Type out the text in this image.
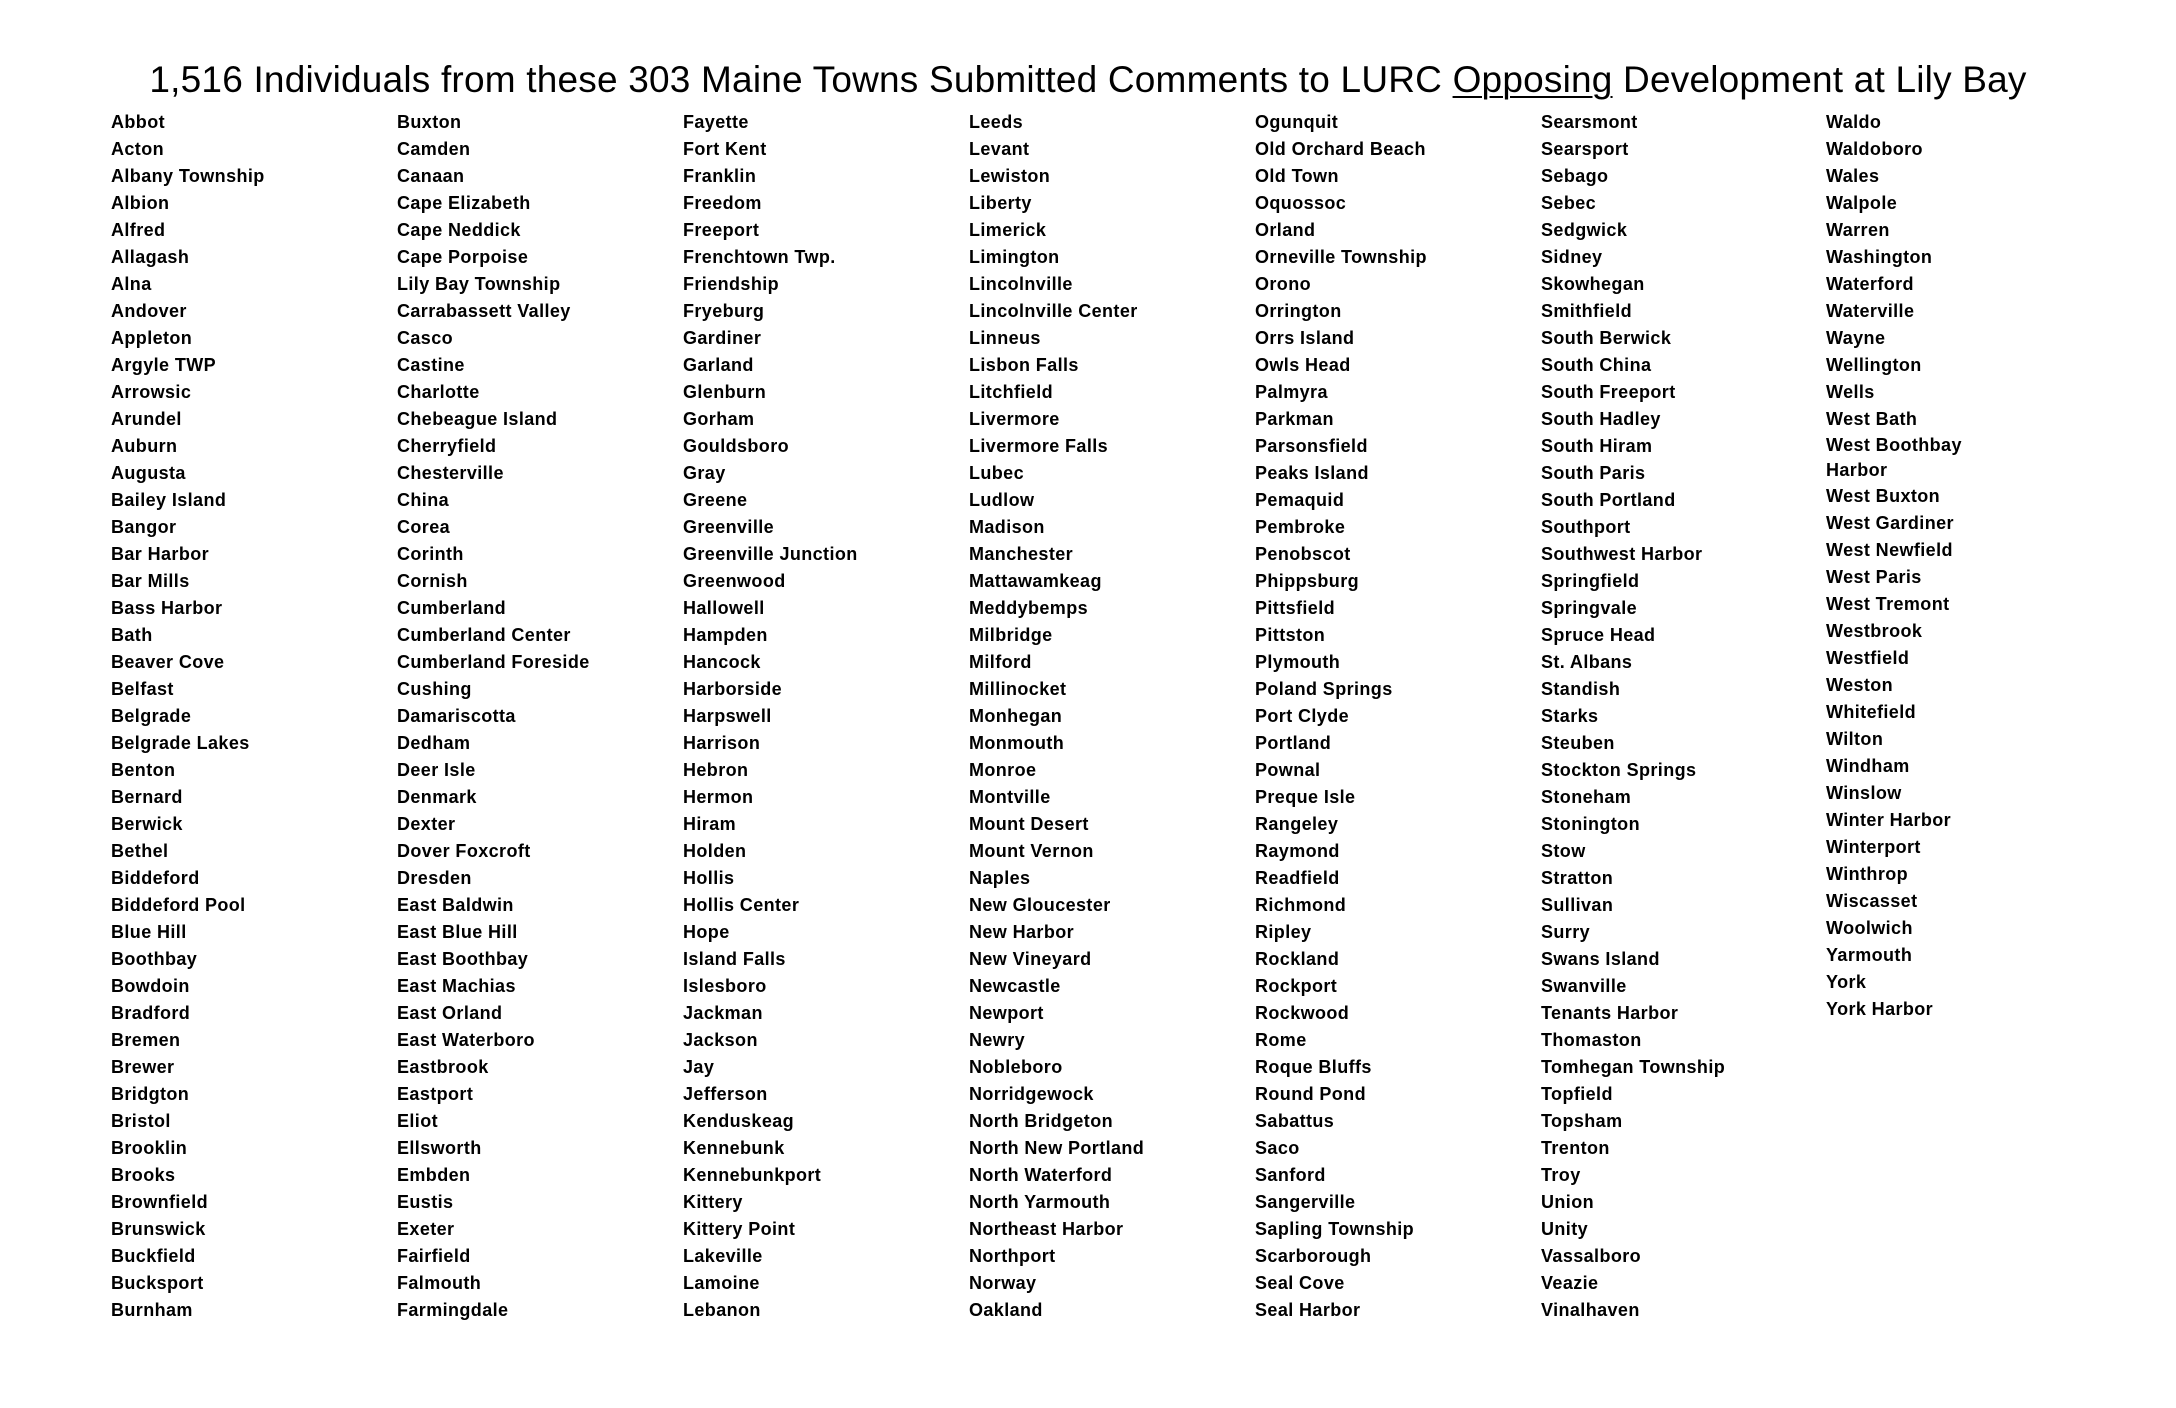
1,516 Individuals from these 303 Maine Towns Submitted Comments to LURC Opposing Development at Lily Bay
Abbot
Acton
Albany Township
Albion
Alfred
Allagash
Alna
Andover
Appleton
Argyle TWP
Arrowsic
Arundel
Auburn
Augusta
Bailey Island
Bangor
Bar Harbor
Bar Mills
Bass Harbor
Bath
Beaver Cove
Belfast
Belgrade
Belgrade Lakes
Benton
Bernard
Berwick
Bethel
Biddeford
Biddeford Pool
Blue Hill
Boothbay
Bowdoin
Bradford
Bremen
Brewer
Bridgton
Bristol
Brooklin
Brooks
Brownfield
Brunswick
Buckfield
Bucksport
Burnham
Buxton
Camden
Canaan
Cape Elizabeth
Cape Neddick
Cape Porpoise
Lily Bay Township
Carrabassett Valley
Casco
Castine
Charlotte
Chebeague Island
Cherryfield
Chesterville
China
Corea
Corinth
Cornish
Cumberland
Cumberland Center
Cumberland Foreside
Cushing
Damariscotta
Dedham
Deer Isle
Denmark
Dexter
Dover Foxcroft
Dresden
East Baldwin
East Blue Hill
East Boothbay
East Machias
East Orland
East Waterboro
Eastbrook
Eastport
Eliot
Ellsworth
Embden
Eustis
Exeter
Fairfield
Falmouth
Farmingdale
Fayette
Fort Kent
Franklin
Freedom
Freeport
Frenchtown Twp.
Friendship
Fryeburg
Gardiner
Garland
Glenburn
Gorham
Gouldsboro
Gray
Greene
Greenville
Greenville Junction
Greenwood
Hallowell
Hampden
Hancock
Harborside
Harpswell
Harrison
Hebron
Hermon
Hiram
Holden
Hollis
Hollis Center
Hope
Island Falls
Islesboro
Jackman
Jackson
Jay
Jefferson
Kenduskeag
Kennebunk
Kennebunkport
Kittery
Kittery Point
Lakeville
Lamoine
Lebanon
Leeds
Levant
Lewiston
Liberty
Limerick
Limington
Lincolnville
Lincolnville Center
Linneus
Lisbon Falls
Litchfield
Livermore
Livermore Falls
Lubec
Ludlow
Madison
Manchester
Mattawamkeag
Meddybemps
Milbridge
Milford
Millinocket
Monhegan
Monmouth
Monroe
Montville
Mount Desert
Mount Vernon
Naples
New Gloucester
New Harbor
New Vineyard
Newcastle
Newport
Newry
Nobleboro
Norridgewock
North Bridgeton
North New Portland
North Waterford
North Yarmouth
Northeast Harbor
Northport
Norway
Oakland
Ogunquit
Old Orchard Beach
Old Town
Oquossoc
Orland
Orneville Township
Orono
Orrington
Orrs Island
Owls Head
Palmyra
Parkman
Parsonsfield
Peaks Island
Pemaquid
Pembroke
Penobscot
Phippsburg
Pittsfield
Pittston
Plymouth
Poland Springs
Port Clyde
Portland
Pownal
Preque Isle
Rangeley
Raymond
Readfield
Richmond
Ripley
Rockland
Rockport
Rockwood
Rome
Roque Bluffs
Round Pond
Sabattus
Saco
Sanford
Sangerville
Sapling Township
Scarborough
Seal Cove
Seal Harbor
Searsmont
Searsport
Sebago
Sebec
Sedgwick
Sidney
Skowhegan
Smithfield
South Berwick
South China
South Freeport
South Hadley
South Hiram
South Paris
South Portland
Southport
Southwest Harbor
Springfield
Springvale
Spruce Head
St. Albans
Standish
Starks
Steuben
Stockton Springs
Stoneham
Stonington
Stow
Stratton
Sullivan
Surry
Swans Island
Swanville
Tenants Harbor
Thomaston
Tomhegan Township
Topfield
Topsham
Trenton
Troy
Union
Unity
Vassalboro
Veazie
Vinalhaven
Waldo
Waldoboro
Wales
Walpole
Warren
Washington
Waterford
Waterville
Wayne
Wellington
Wells
West Bath
West Boothbay
Harbor
West Buxton
West Gardiner
West Newfield
West Paris
West Tremont
Westbrook
Westfield
Weston
Whitefield
Wilton
Windham
Winslow
Winter Harbor
Winterport
Winthrop
Wiscasset
Woolwich
Yarmouth
York
York Harbor
